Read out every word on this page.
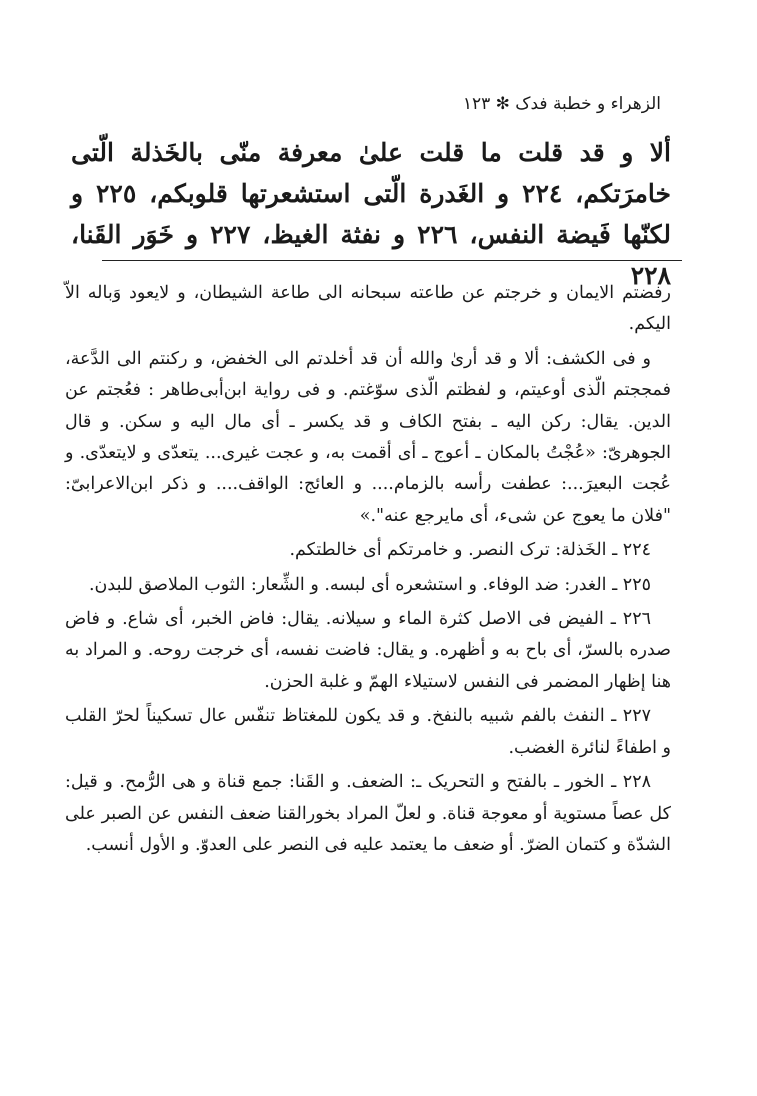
الزهراء و خطبة فدک ✻ ١٢٣
ألا و قد قلت ما قلت علىٰ معرفة منّى بالخَذلة الّتى خامرَتكم، ٢٢٤ و الغَدرة الّتى استشعرتها قلوبكم، ٢٢٥ و لكنّها فَيضة النفس، ٢٢٦ و نفثة الغيظ، ٢٢٧ و خَوَر القَنا، ٢٢٨

رفضتم الايمان و خرجتم عن طاعته سبحانه الى طاعة الشيطان، و لايعود وَباله الاّ اليكم.

و فى الکشف: ألا و قد أرىٰ والله أن قد أخلدتم الى الخفض، و رکنتم الى الدَّعة، فمججتم الّذى أوعيتم، و لفظتم الّذى سوّغتم. و فى رواية ابن‌أبى‌طاهر : فعُجتم عن الدين. يقال: رکن اليه ـ بفتح الکاف و قد يکسر ـ أى مال اليه و سکن. و قال الجوهرىّ: «عُجْتُ بالمکان ـ أعوج ـ أى أقمت به، و عجت غيرى... يتعدّى و لايتعدّى. و عُجت البعيرَ...: عطفت رأسه بالزمام.... و العائج: الواقف.... و ذکر ابن‌الاعرابىّ: "فلان ما يعوج عن شىء، أى مايرجع عنه".»

٢٢٤ ـ الخَذلة: ترک النصر. و خامرتکم أى خالطتکم.

٢٢٥ ـ الغدر: ضد الوفاء. و استشعره أى لبسه. و الشِّعار: الثوب الملاصق للبدن.

٢٢٦ ـ الفيض فى الاصل کثرة الماء و سيلانه. يقال: فاض الخبر، أى شاع. و فاض صدره بالسرّ، أى باح به و أظهره. و يقال: فاضت نفسه، أى خرجت روحه. و المراد به هنا إظهار المضمر فى النفس لاستيلاء الهمّ و غلبة الحزن.

٢٢٧ ـ النفث بالفم شبيه بالنفخ. و قد يکون للمغتاظ تنفّس عال تسکيناً لحرّ القلب و اطفاءً لنائرة الغضب.

٢٢٨ ـ الخور ـ بالفتح و التحريک ـ: الضعف. و القَنا: جمع قناة و هى الرُّمح. و قيل: کل عصاً مستوية أو معوجة قناة. و لعلّ المراد بخورالقنا ضعف النفس عن الصبر على الشدّة و کتمان الضرّ. أو ضعف ما يعتمد عليه فى النصر على العدوّ. و الأول أنسب.
